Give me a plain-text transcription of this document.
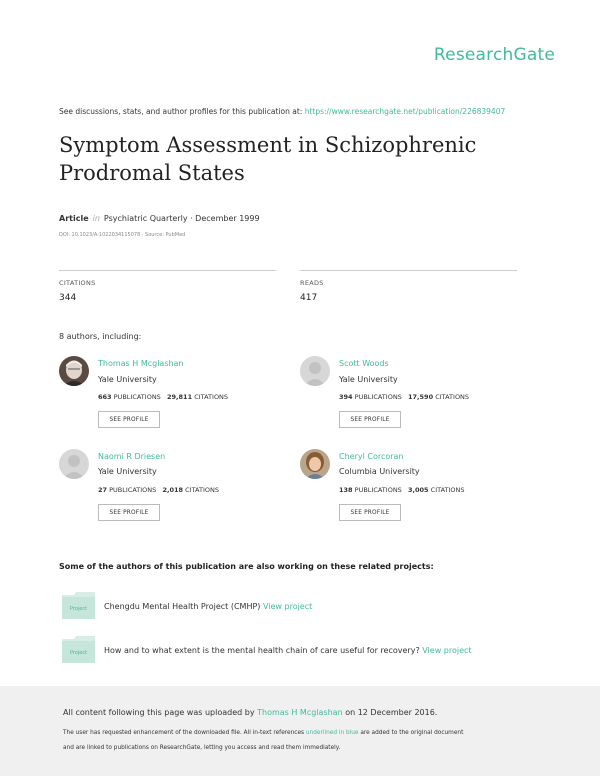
ResearchGate
See discussions, stats, and author profiles for this publication at: https://www.researchgate.net/publication/226839407
Symptom Assessment in Schizophrenic
Prodromal States
Article in Psychiatric Quarterly · December 1999
DOI: 10.1023/A:1022034115078 · Source: PubMed
CITATIONS
344
READS
417
8 authors, including:
Thomas H Mcglashan
Yale University
663 PUBLICATIONS 29,811 CITATIONS
SEE PROFILE
Scott Woods
Yale University
394 PUBLICATIONS 17,590 CITATIONS
SEE PROFILE
Naomi R Driesen
Yale University
27 PUBLICATIONS 2,018 CITATIONS
SEE PROFILE
Cheryl Corcoran
Columbia University
138 PUBLICATIONS 3,005 CITATIONS
SEE PROFILE
Some of the authors of this publication are also working on these related projects:
Project Chengdu Mental Health Project (CMHP) View project
Project How and to what extent is the mental health chain of care useful for recovery? View project
All content following this page was uploaded by Thomas H Mcglashan on 12 December 2016.
The user has requested enhancement of the downloaded file. All in-text references underlined in blue are added to the original document
and are linked to publications on ResearchGate, letting you access and read them immediately.
